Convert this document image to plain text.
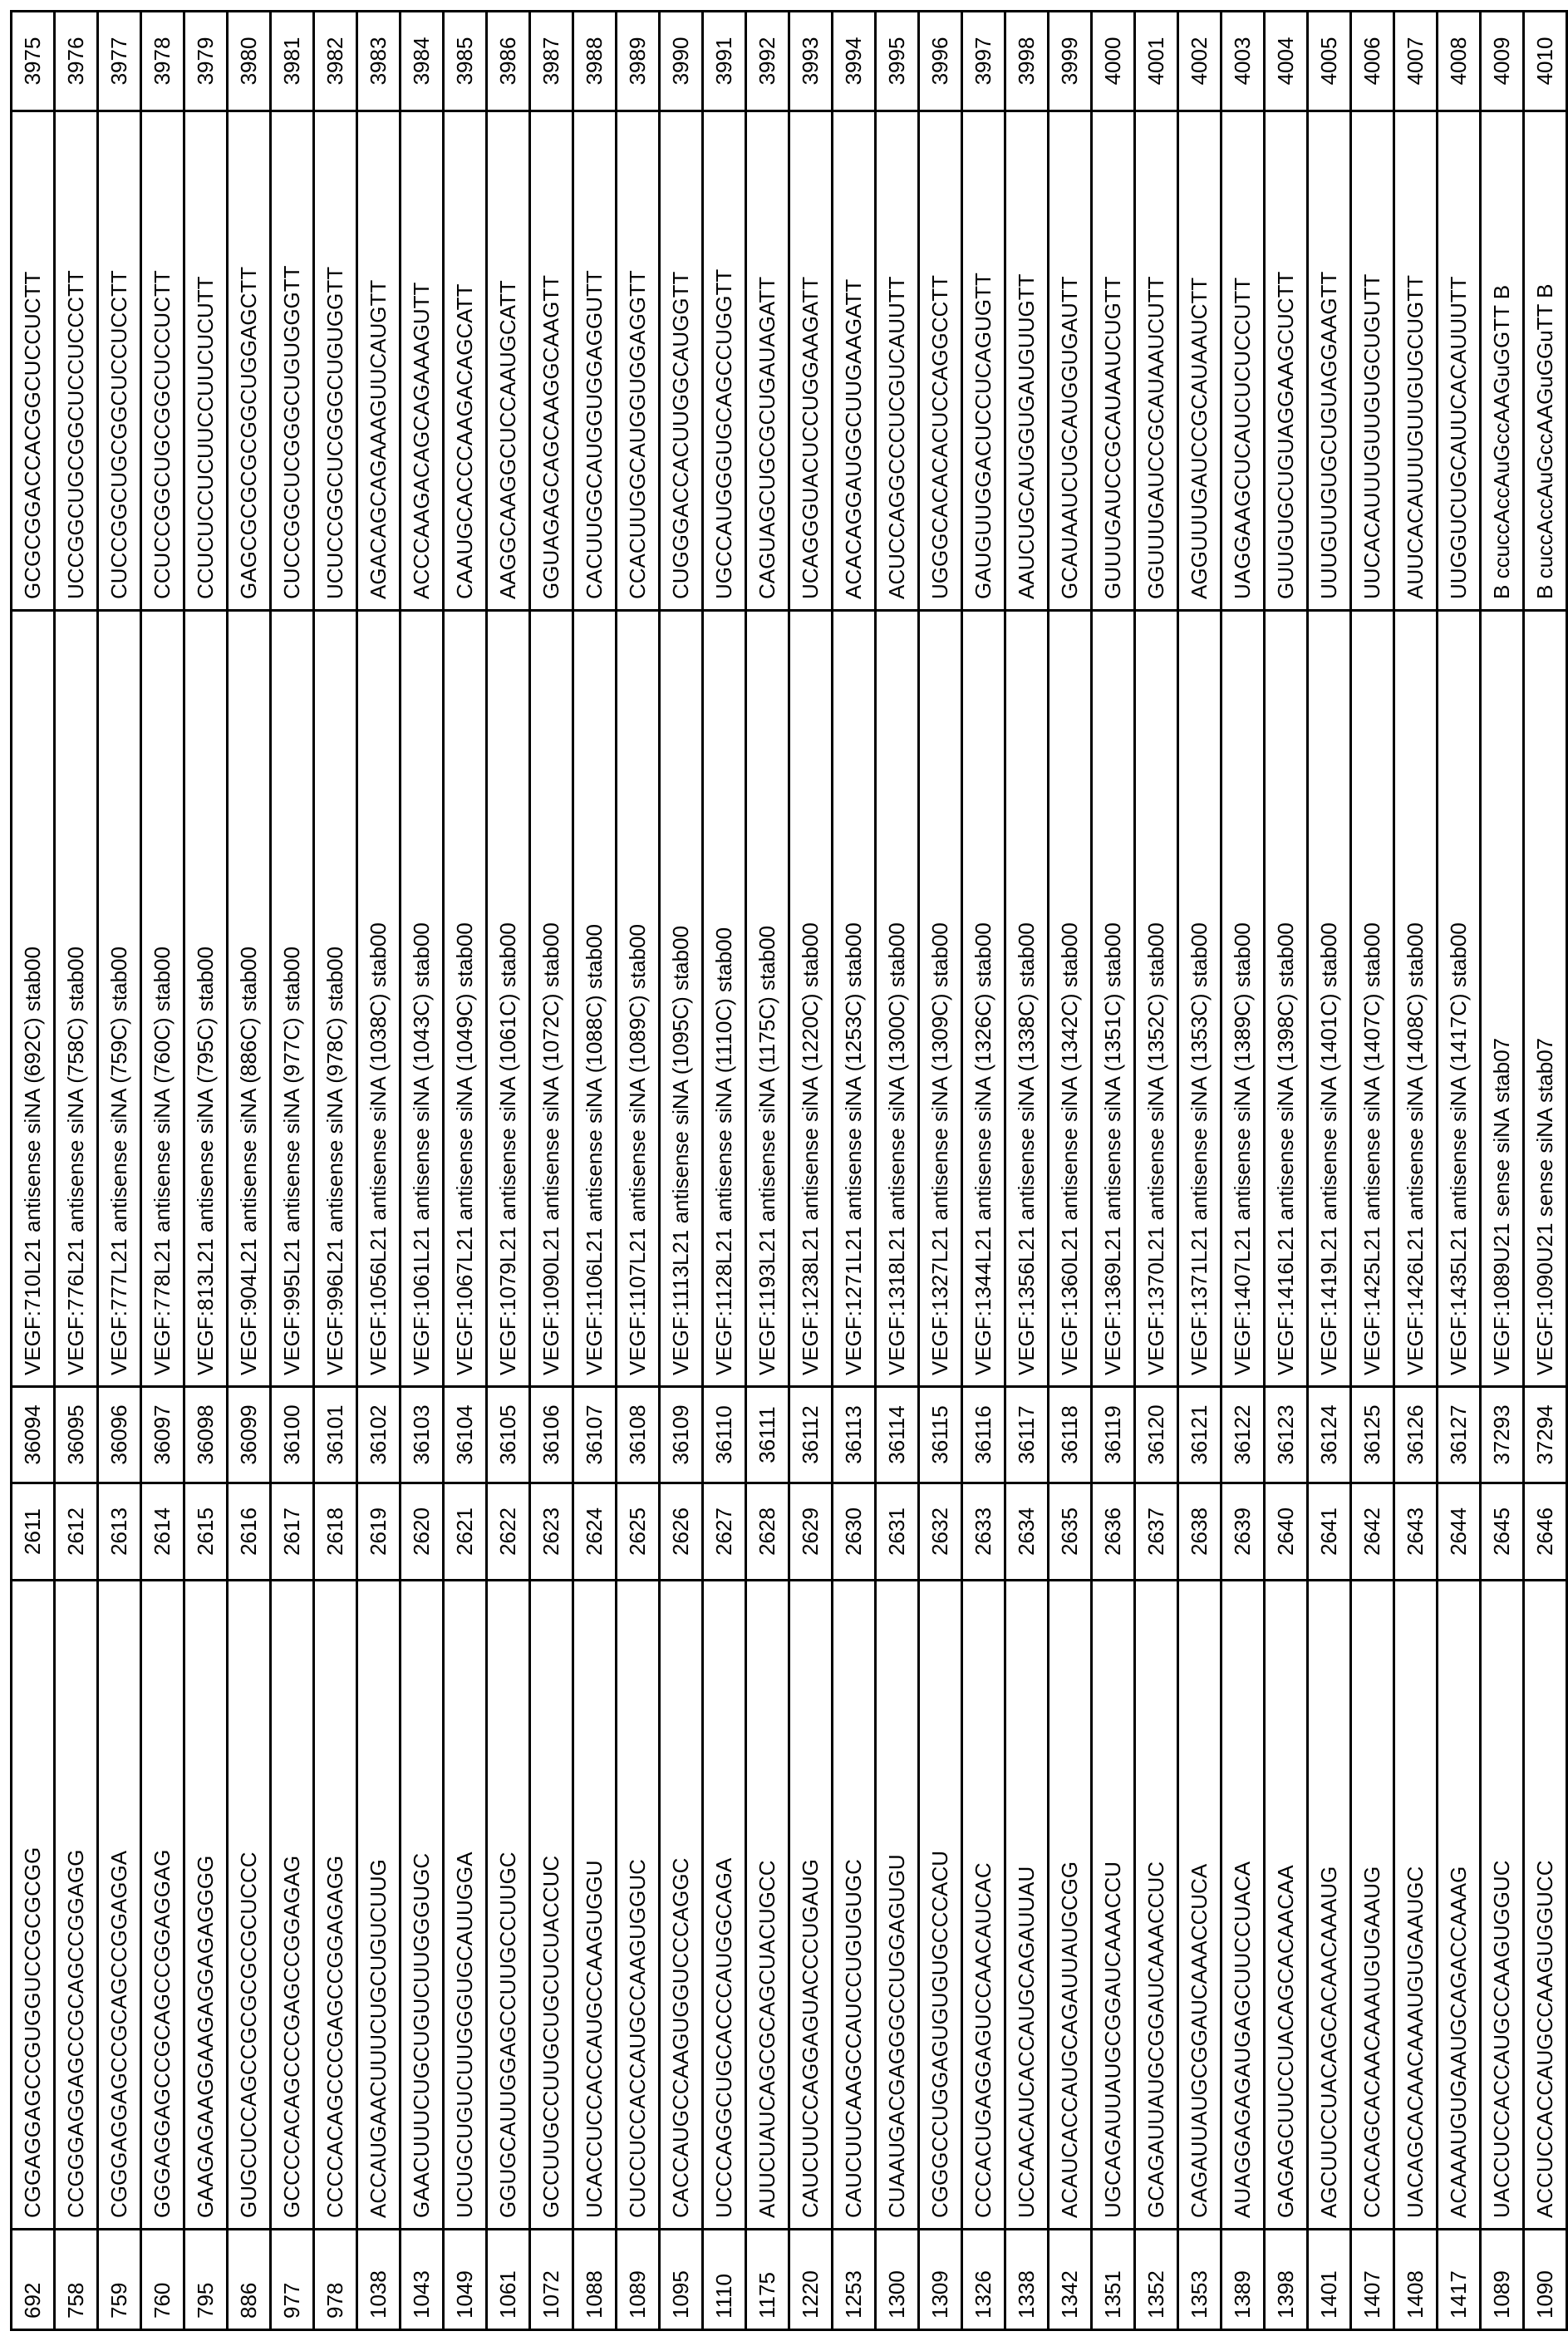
692	CGGAGGAGCCGUGGUCCGCGCGG	2611	36094	VEGF:710L21 antisense siNA (692C) stab00	GCGCGGACCACGGCUCCUCTT	3975
758	CCGGGAGGAGCCGCAGCCGGAGG	2612	36095	VEGF:776L21 antisense siNA (758C) stab00	UCCGGCUGCGGCUCCUCCCTT	3976
759	CGGGAGGAGCCGCAGCCGGAGGA	2613	36096	VEGF:777L21 antisense siNA (759C) stab00	CUCCGGCUGCGGCUCCUCCTT	3977
760	GGGAGGAGCCGCAGCCGGAGGAG	2614	36097	VEGF:778L21 antisense siNA (760C) stab00	CCUCCGGCUGCGGCUCCUCTT	3978
795	GAAGAGAAGGAAGAGGAGAGGGG	2615	36098	VEGF:813L21 antisense siNA (795C) stab00	CCUCUCCUCUUCCUUCUCUTT	3979
886	GUGCUCCAGCCGCGCGCGCUCCC	2616	36099	VEGF:904L21 antisense siNA (886C) stab00	GAGCGCGCGCGGCUGGAGCTT	3980
977	GCCCCACAGCCCGAGCCGGAGAG	2617	36100	VEGF:995L21 antisense siNA (977C) stab00	CUCCGGCUCGGGCUGUGGGTT	3981
978	CCCCACAGCCCGAGCCGGAGAGG	2618	36101	VEGF:996L21 antisense siNA (978C) stab00	UCUCCGGCUCGGGCUGUGGTT	3982
1038	ACCAUGAACUUUCUGCUGUCUUG	2619	36102	VEGF:1056L21 antisense siNA (1038C) stab00	AGACAGCAGAAAGUUCAUGTT	3983
1043	GAACUUUCUGCUGUCUUGGGUGC	2620	36103	VEGF:1061L21 antisense siNA (1043C) stab00	ACCCAAGACAGCAGAAAGUTT	3984
1049	UCUGCUGUCUUGGGUGCAUUGGA	2621	36104	VEGF:1067L21 antisense siNA (1049C) stab00	CAAUGCACCCAAGACAGCATT	3985
1061	GGUGCAUUGGAGCCUUGCCUUGC	2622	36105	VEGF:1079L21 antisense siNA (1061C) stab00	AAGGCAAGGCUCCAAUGCATT	3986
1072	GCCUUGCCUUGCUGCUCUACCUC	2623	36106	VEGF:1090L21 antisense siNA (1072C) stab00	GGUAGAGCAGCAAGGCAAGTT	3987
1088	UCACCUCCACCAUGCCAAGUGGU	2624	36107	VEGF:1106L21 antisense siNA (1088C) stab00	CACUUGGCAUGGUGGAGGUTT	3988
1089	CUCCUCCACCAUGCCAAGUGGUC	2625	36108	VEGF:1107L21 antisense siNA (1089C) stab00	CCACUUGGCAUGGUGGAGGTT	3989
1095	CACCAUGCCAAGUGGUCCCAGGC	2626	36109	VEGF:1113L21 antisense siNA (1095C) stab00	CUGGGACCACUUGGCAUGGTT	3990
1110	UCCCAGGCUGCACCCAUGGCAGA	2627	36110	VEGF:1128L21 antisense siNA (1110C) stab00	UGCCAUGGGUGCAGCCUGGTT	3991
1175	AUUCUAUCAGCGCAGCUACUGCC	2628	36111	VEGF:1193L21 antisense siNA (1175C) stab00	CAGUAGCUGCGCUGAUAGATT	3992
1220	CAUCUUCCAGGAGUACCCUGAUG	2629	36112	VEGF:1238L21 antisense siNA (1220C) stab00	UCAGGGUACUCCUGGAAGATT	3993
1253	CAUCUUCAAGCCAUCCUGUGUGC	2630	36113	VEGF:1271L21 antisense siNA (1253C) stab00	ACACAGGAUGGCUUGAAGATT	3994
1300	CUAAUGACGAGGGCCUGGAGUGU	2631	36114	VEGF:1318L21 antisense siNA (1300C) stab00	ACUCCAGGCCCUCGUCAUUTT	3995
1309	CGGGCCUGGAGUGUGUGCCCACU	2632	36115	VEGF:1327L21 antisense siNA (1309C) stab00	UGGGCACACACUCCAGGCCTT	3996
1326	CCCACUGAGGAGUCCAACAUCAC	2633	36116	VEGF:1344L21 antisense siNA (1326C) stab00	GAUGUUGGACUCCUCAGUGTT	3997
1338	UCCAACAUCACCAUGCAGAUUAU	2634	36117	VEGF:1356L21 antisense siNA (1338C) stab00	AAUCUGCAUGGUGAUGUUGTT	3998
1342	ACAUCACCAUGCAGAUUAUGCGG	2635	36118	VEGF:1360L21 antisense siNA (1342C) stab00	GCAUAAUCUGCAUGGUGAUTT	3999
1351	UGCAGAUUAUGCGGAUCAAACCU	2636	36119	VEGF:1369L21 antisense siNA (1351C) stab00	GUUUGAUCCGCAUAAUCUGTT	4000
1352	GCAGAUUAUGCGGAUCAAACCUC	2637	36120	VEGF:1370L21 antisense siNA (1352C) stab00	GGUUUGAUCCGCAUAAUCUTT	4001
1353	CAGAUUAUGCGGAUCAAACCUCA	2638	36121	VEGF:1371L21 antisense siNA (1353C) stab00	AGGUUUGAUCCGCAUAAUCTT	4002
1389	AUAGGAGAGAUGAGCUUCCUACA	2639	36122	VEGF:1407L21 antisense siNA (1389C) stab00	UAGGAAGCUCAUCUCUCCUTT	4003
1398	GAGAGCUUCCUACAGCACAACAA	2640	36123	VEGF:1416L21 antisense siNA (1398C) stab00	GUUGUGCUGUAGGAAGCUCTT	4004
1401	AGCUUCCUACAGCACAACAAAUG	2641	36124	VEGF:1419L21 antisense siNA (1401C) stab00	UUUGUUGUGCUGUAGGAAGTT	4005
1407	CCACAGCACAACAAAUGUGAAUG	2642	36125	VEGF:1425L21 antisense siNA (1407C) stab00	UUCACAUUUGUUGUGCUGUTT	4006
1408	UACAGCACAACAAAUGUGAAUGC	2643	36126	VEGF:1426L21 antisense siNA (1408C) stab00	AUUCACAUUUGUUGUGCUGTT	4007
1417	ACAAAUGUGAAUGCAGACCAAAG	2644	36127	VEGF:1435L21 antisense siNA (1417C) stab00	UUGGUCUGCAUUCACAUUUTT	4008
1089	UACCUCCACCAUGCCAAGUGGUC	2645	37293	VEGF:1089U21 sense siNA stab07	B ccuccAccAuGccAAGuGGTT B	4009
1090	ACCUCCACCAUGCCAAGUGGUCC	2646	37294	VEGF:1090U21 sense siNA stab07	B cuccAccAuGccAAGuGGuTT B	4010
